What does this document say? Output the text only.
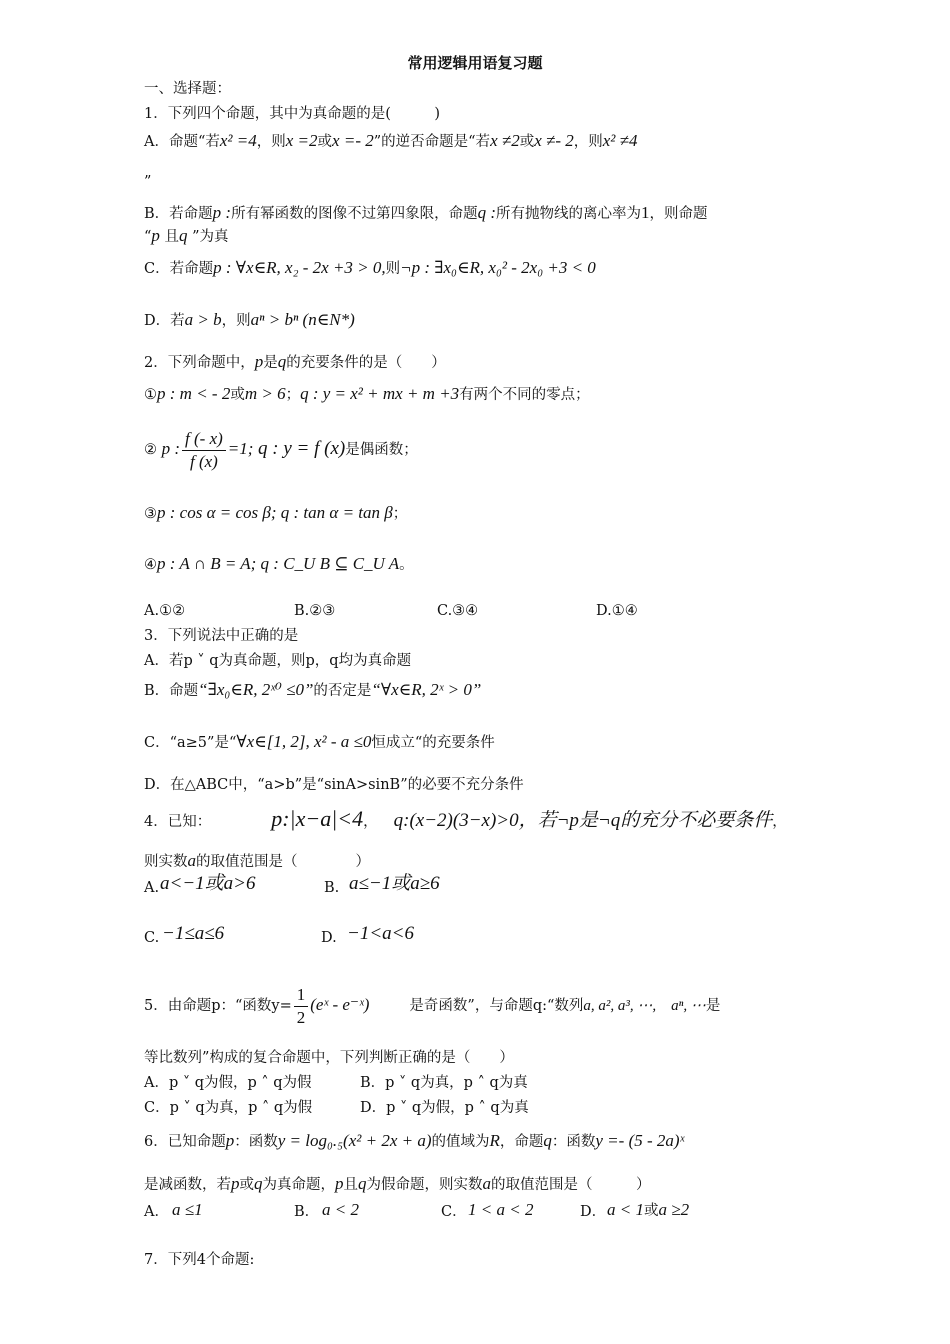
常用逻辑用语复习题
一、选择题：
1．下列四个命题，其中为真命题的是(　　　)
A．命题“若x² =4，则x =2或x =- 2”的逆否命题是“若x ≠2或x ≠- 2，则x² ≠4
”
B．若命题p :所有幂函数的图像不过第四象限，命题q :所有抛物线的离心率为1，则命题
“p 且q ”为真
C．若命题p : ∀x∈R, x₂ - 2x +3 > 0,则¬p : ∃x₀∈R, x₀² - 2x₀ +3 < 0
D．若a > b，则aⁿ > bⁿ (n∈N*)
2．下列命题中，p是q的充要条件的是（　　）
①p : m < - 2或m > 6；q : y = x² + mx + m +3有两个不同的零点；
② p : $\frac{f (- x)}{f (x)} =1$; q : y = f (x)是偶函数；
③p : cos α = cos β; q : tan α = tan β；
④p : A ∩ B = A; q : C_U B ⊆ C_U A。
A.①②	B.②③	C.③④	D.①④
3．下列说法中正确的是
A．若p ˅ q为真命题，则p，q均为真命题
B．命题“∃x₀∈R, 2ˣ⁰ ≤0”的否定是“∀x∈R, 2ˣ > 0”
C．“a≥5”是“∀x∈[1, 2], x² - a ≤0恒成立“的充要条件
D．在△ABC中，“a>b”是“sinA>sinB”的必要不充分条件
4．已知：	p:|x−a|<4， q:(x−2)(3−x)>0，若¬p是¬q的充分不必要条件，
则实数a的取值范围是（　　　　）
A. a<−1或a>6	B. a≤−1或a≥6
C. −1≤a≤6	D. −1<a<6
5．由命题p：“函数$y= \frac{1}{2}$ (eˣ - e⁻ˣ)	是奇函数”，与命题q:“数列a, a², a³, ⋯,　aⁿ, ⋯是
等比数列”构成的复合命题中，下列判断正确的是（　　）
A．p ˅ q为假，p ˄ q为假	B．p ˅ q为真，p ˄ q为真
C．p ˅ q为真，p ˄ q为假	D．p ˅ q为假，p ˄ q为真
6．已知命题p：函数y = log₀.₅(x² + 2x + a)的值域为R，命题q：函数y =- (5 - 2a)ˣ
是减函数，若p或q为真命题，p且q为假命题，则实数a的取值范围是（　　　）
A． a ≤1	B． a < 2	C． 1 < a < 2	D． a < 1或a ≥2
7．下列4个命题:
